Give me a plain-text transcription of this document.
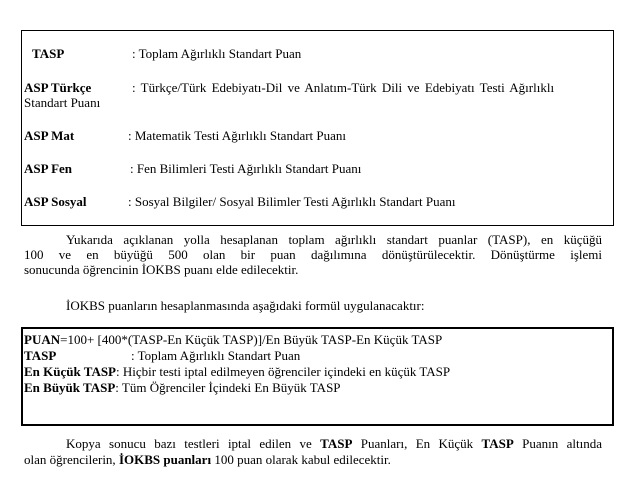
TASP	: Toplam Ağırlıklı Standart Puan
ASP Türkçe	: Türkçe/Türk Edebiyatı-Dil ve Anlatım-Türk Dili ve Edebiyatı Testi Ağırlıklı
Standart Puanı
ASP Mat	: Matematik Testi Ağırlıklı Standart Puanı
ASP Fen	: Fen Bilimleri Testi Ağırlıklı Standart Puanı
ASP Sosyal	: Sosyal Bilgiler/ Sosyal Bilimler Testi Ağırlıklı Standart Puanı
Yukarıda açıklanan yolla hesaplanan toplam ağırlıklı standart puanlar (TASP), en küçüğü
100 ve en büyüğü 500 olan bir puan dağılımına dönüştürülecektir. Dönüştürme işlemi
sonucunda öğrencinin İOKBS puanı elde edilecektir.
İOKBS puanların hesaplanmasında aşağıdaki formül uygulanacaktır:
PUAN=100+ [400*(TASP-En Küçük TASP)]/En Büyük TASP-En Küçük TASP
TASP	: Toplam Ağırlıklı Standart Puan
En Küçük TASP: Hiçbir testi iptal edilmeyen öğrenciler içindeki en küçük TASP
En Büyük TASP: Tüm Öğrenciler İçindeki En Büyük TASP
Kopya sonucu bazı testleri iptal edilen ve TASP Puanları, En Küçük TASP Puanın altında
olan öğrencilerin, İOKBS puanları 100 puan olarak kabul edilecektir.
